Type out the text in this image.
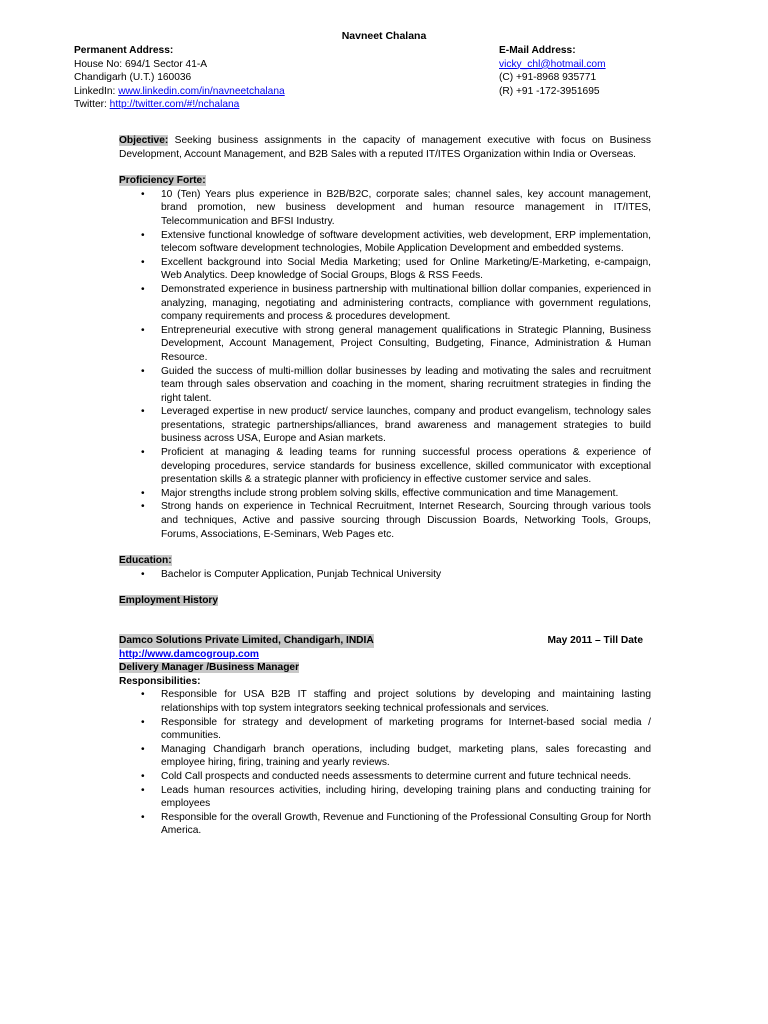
Navneet Chalana
Permanent Address:
House No: 694/1 Sector 41-A
Chandigarh (U.T.) 160036
LinkedIn: www.linkedin.com/in/navneetchalana
Twitter: http://twitter.com/#!/nchalana
E-Mail Address:
vicky_chl@hotmail.com
(C) +91-8968 935771
(R) +91 -172-3951695
Objective: Seeking business assignments in the capacity of management executive with focus on Business Development, Account Management, and B2B Sales with a reputed IT/ITES Organization within India or Overseas.
Proficiency Forte:
• 10 (Ten) Years plus experience in B2B/B2C, corporate sales; channel sales, key account management, brand promotion, new business development and human resource management in IT/ITES, Telecommunication and BFSI Industry.
• Extensive functional knowledge of software development activities, web development, ERP implementation, telecom software development technologies, Mobile Application Development and embedded systems.
• Excellent background into Social Media Marketing; used for Online Marketing/E-Marketing, e-campaign, Web Analytics. Deep knowledge of Social Groups, Blogs & RSS Feeds.
• Demonstrated experience in business partnership with multinational billion dollar companies, experienced in analyzing, managing, negotiating and administering contracts, compliance with government regulations, company requirements and process & procedures development.
• Entrepreneurial executive with strong general management qualifications in Strategic Planning, Business Development, Account Management, Project Consulting, Budgeting, Finance, Administration & Human Resource.
• Guided the success of multi-million dollar businesses by leading and motivating the sales and recruitment team through sales observation and coaching in the moment, sharing recruitment strategies in finding the right talent.
• Leveraged expertise in new product/ service launches, company and product evangelism, technology sales presentations, strategic partnerships/alliances, brand awareness and management strategies to build business across USA, Europe and Asian markets.
• Proficient at managing & leading teams for running successful process operations & experience of developing procedures, service standards for business excellence, skilled communicator with exceptional presentation skills & a strategic planner with proficiency in effective customer service and sales.
• Major strengths include strong problem solving skills, effective communication and time Management.
• Strong hands on experience in Technical Recruitment, Internet Research, Sourcing through various tools and techniques, Active and passive sourcing through Discussion Boards, Networking Tools, Groups, Forums, Associations, E-Seminars, Web Pages etc.
Education:
• Bachelor is Computer Application, Punjab Technical University
Employment History
Damco Solutions Private Limited, Chandigarh, INDIA	May 2011 – Till Date
http://www.damcogroup.com
Delivery Manager /Business Manager
Responsibilities:
• Responsible for USA B2B IT staffing and project solutions by developing and maintaining lasting relationships with top system integrators seeking technical professionals and services.
• Responsible for strategy and development of marketing programs for Internet-based social media / communities.
• Managing Chandigarh branch operations, including budget, marketing plans, sales forecasting and employee hiring, firing, training and yearly reviews.
• Cold Call prospects and conducted needs assessments to determine current and future technical needs.
• Leads human resources activities, including hiring, developing training plans and conducting training for employees
• Responsible for the overall Growth, Revenue and Functioning of the Professional Consulting Group for North America.
